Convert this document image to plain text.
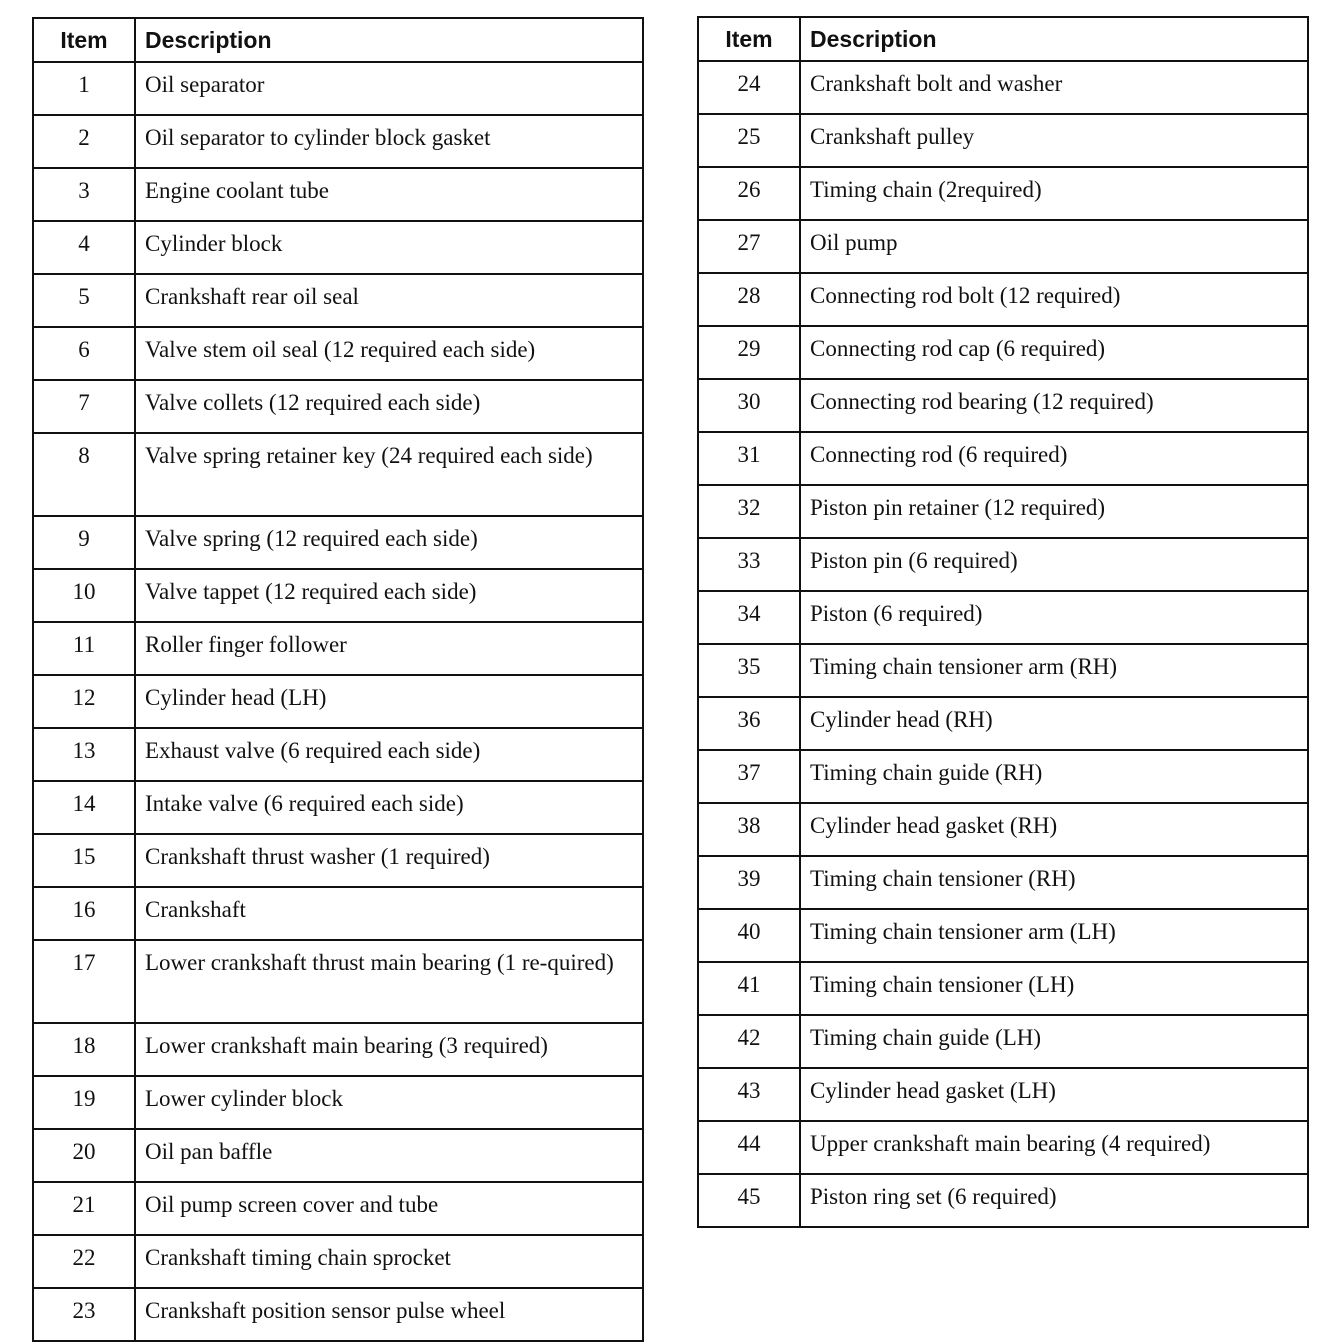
Item	Description
1	Oil separator
2	Oil separator to cylinder block gasket
3	Engine coolant tube
4	Cylinder block
5	Crankshaft rear oil seal
6	Valve stem oil seal (12 required each side)
7	Valve collets (12 required each side)
8	Valve spring retainer key (24 required each side)
9	Valve spring (12 required each side)
10	Valve tappet (12 required each side)
11	Roller finger follower
12	Cylinder head (LH)
13	Exhaust valve (6 required each side)
14	Intake valve (6 required each side)
15	Crankshaft thrust washer (1 required)
16	Crankshaft
17	Lower crankshaft thrust main bearing (1 re-quired)
18	Lower crankshaft main bearing (3 required)
19	Lower cylinder block
20	Oil pan baffle
21	Oil pump screen cover and tube
22	Crankshaft timing chain sprocket
23	Crankshaft position sensor pulse wheel
Item	Description
24	Crankshaft bolt and washer
25	Crankshaft pulley
26	Timing chain (2required)
27	Oil pump
28	Connecting rod bolt (12 required)
29	Connecting rod cap (6 required)
30	Connecting rod bearing (12 required)
31	Connecting rod (6 required)
32	Piston pin retainer (12 required)
33	Piston pin (6 required)
34	Piston (6 required)
35	Timing chain tensioner arm (RH)
36	Cylinder head (RH)
37	Timing chain guide (RH)
38	Cylinder head gasket (RH)
39	Timing chain tensioner (RH)
40	Timing chain tensioner arm (LH)
41	Timing chain tensioner (LH)
42	Timing chain guide (LH)
43	Cylinder head gasket (LH)
44	Upper crankshaft main bearing (4 required)
45	Piston ring set (6 required)
